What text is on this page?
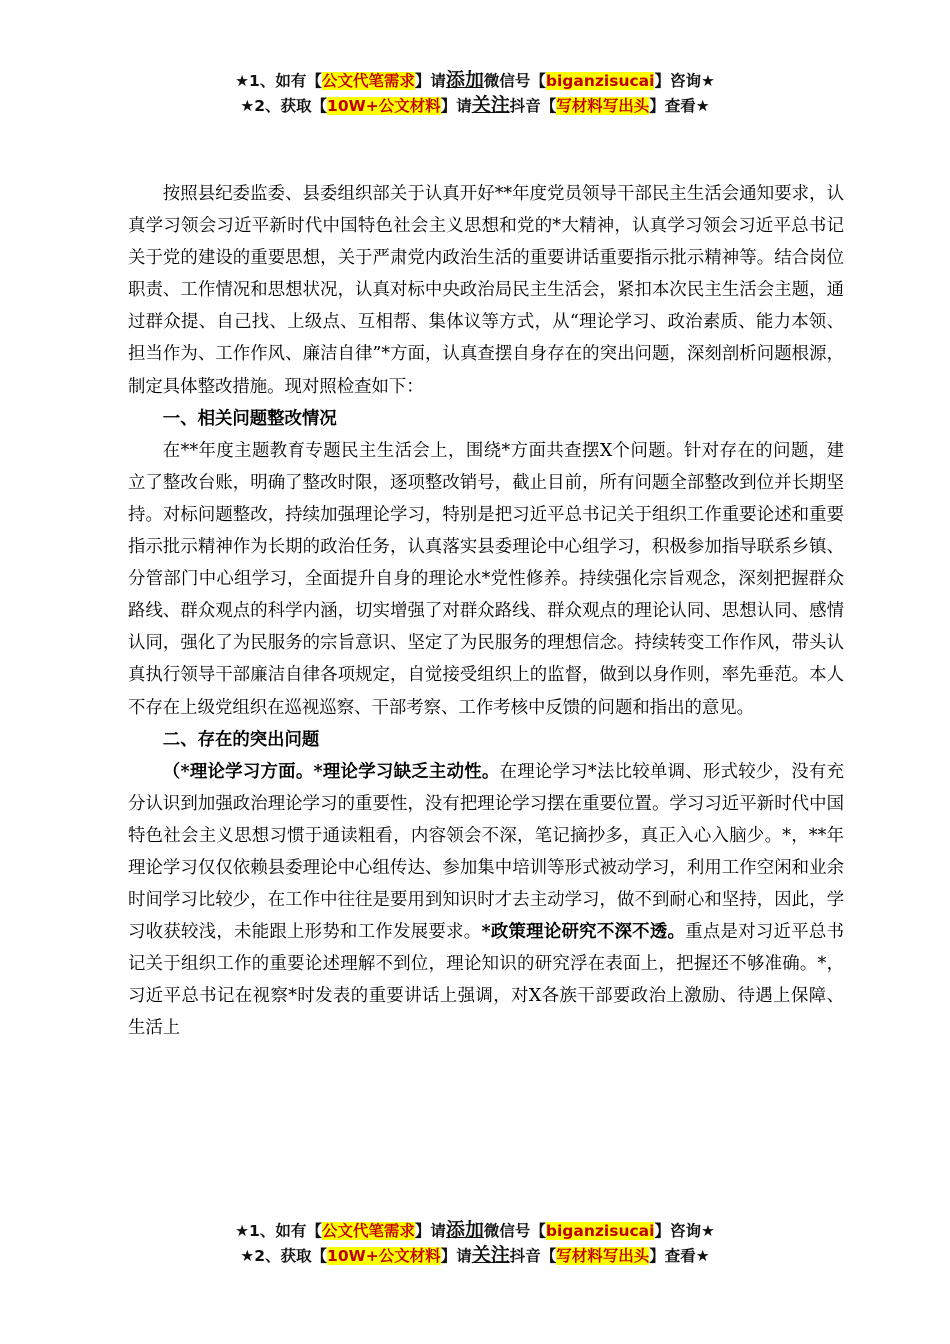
★1、如有【公文代笔需求】请添加微信号【biganzisucai】咨询★
★2、获取【10W+公文材料】请关注抖音【写材料写出头】查看★

按照县纪委监委、县委组织部关于认真开好**年度党员领导干部民主生活会通知要求，认真学习领会习近平新时代中国特色社会主义思想和党的*大精神，认真学习领会习近平总书记关于党的建设的重要思想，关于严肃党内政治生活的重要讲话重要指示批示精神等。结合岗位职责、工作情况和思想状况，认真对标中央政治局民主生活会，紧扣本次民主生活会主题，通过群众提、自己找、上级点、互相帮、集体议等方式，从“理论学习、政治素质、能力本领、担当作为、工作作风、廉洁自律”*方面，认真查摆自身存在的突出问题，深刻剖析问题根源，制定具体整改措施。现对照检查如下：

一、相关问题整改情况

在**年度主题教育专题民主生活会上，围绕*方面共查摆X个问题。针对存在的问题，建立了整改台账，明确了整改时限，逐项整改销号，截止目前，所有问题全部整改到位并长期坚持。对标问题整改，持续加强理论学习，特别是把习近平总书记关于组织工作重要论述和重要指示批示精神作为长期的政治任务，认真落实县委理论中心组学习，积极参加指导联系乡镇、分管部门中心组学习，全面提升自身的理论水*党性修养。持续强化宗旨观念，深刻把握群众路线、群众观点的科学内涵，切实增强了对群众路线、群众观点的理论认同、思想认同、感情认同，强化了为民服务的宗旨意识、坚定了为民服务的理想信念。持续转变工作作风，带头认真执行领导干部廉洁自律各项规定，自觉接受组织上的监督，做到以身作则，率先垂范。本人不存在上级党组织在巡视巡察、干部考察、工作考核中反馈的问题和指出的意见。

二、存在的突出问题

（*理论学习方面。*理论学习缺乏主动性。在理论学习*法比较单调、形式较少，没有充分认识到加强政治理论学习的重要性，没有把理论学习摆在重要位置。学习习近平新时代中国特色社会主义思想习惯于通读粗看，内容领会不深，笔记摘抄多，真正入心入脑少。*，**年理论学习仅仅依赖县委理论中心组传达、参加集中培训等形式被动学习，利用工作空闲和业余时间学习比较少，在工作中往往是要用到知识时才去主动学习，做不到耐心和坚持，因此，学习收获较浅，未能跟上形势和工作发展要求。*政策理论研究不深不透。重点是对习近平总书记关于组织工作的重要论述理解不到位，理论知识的研究浮在表面上，把握还不够准确。*，习近平总书记在视察*时发表的重要讲话上强调，对X各族干部要政治上激励、待遇上保障、生活上

★1、如有【公文代笔需求】请添加微信号【biganzisucai】咨询★
★2、获取【10W+公文材料】请关注抖音【写材料写出头】查看★
